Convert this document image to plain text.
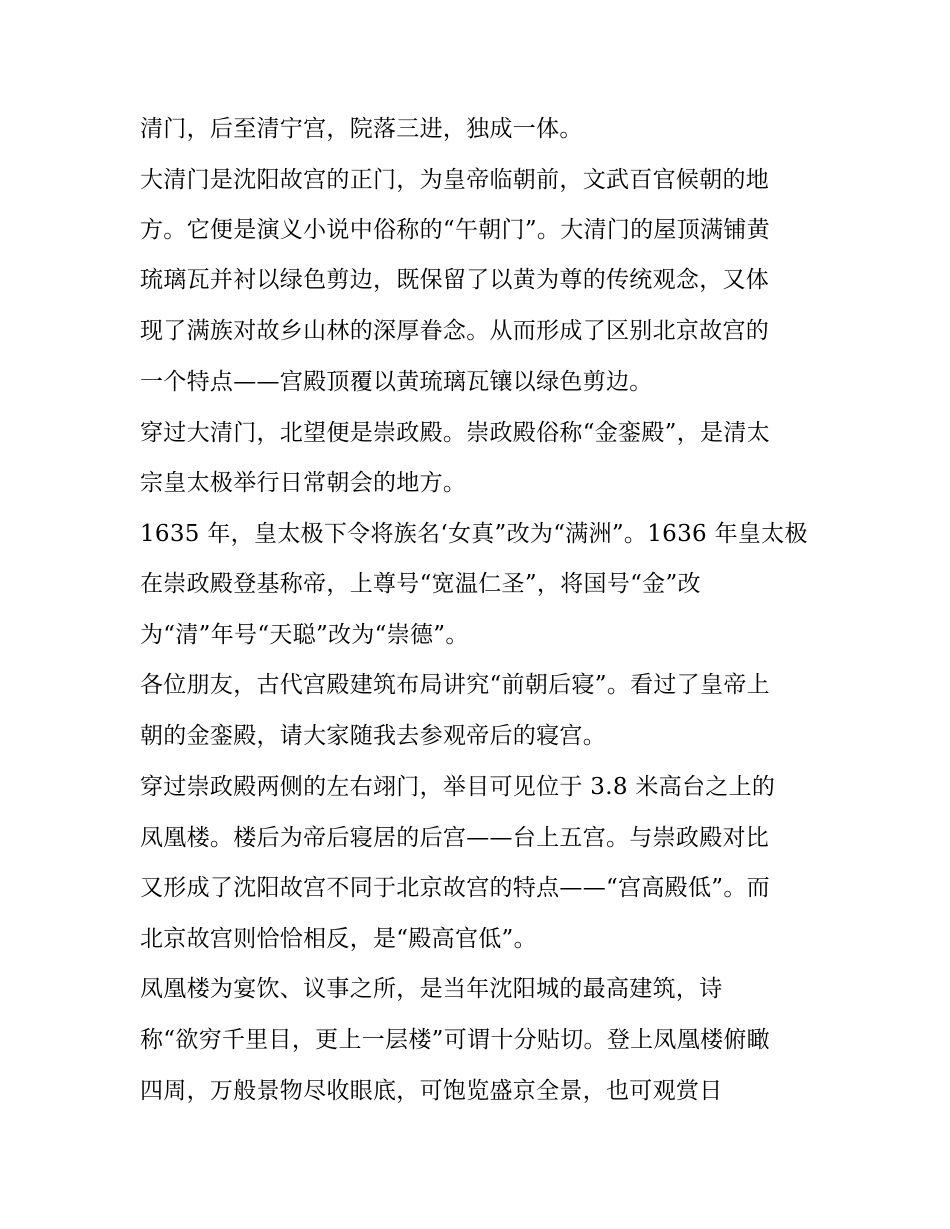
清门，后至清宁宫，院落三进，独成一体。
大清门是沈阳故宫的正门，为皇帝临朝前，文武百官候朝的地
方。它便是演义小说中俗称的“午朝门”。大清门的屋顶满铺黄
琉璃瓦并衬以绿色剪边，既保留了以黄为尊的传统观念，又体
现了满族对故乡山林的深厚眷念。从而形成了区别北京故宫的
一个特点——宫殿顶覆以黄琉璃瓦镶以绿色剪边。
穿过大清门，北望便是崇政殿。崇政殿俗称“金銮殿”，是清太
宗皇太极举行日常朝会的地方。
1635 年，皇太极下令将族名‘女真”改为“满洲”。1636 年皇太极
在崇政殿登基称帝，上尊号“宽温仁圣”，将国号“金”改
为“清”年号“天聪”改为“崇德”。
各位朋友，古代宫殿建筑布局讲究“前朝后寝”。看过了皇帝上
朝的金銮殿，请大家随我去参观帝后的寝宫。
穿过崇政殿两侧的左右翊门，举目可见位于 3.8 米高台之上的
凤凰楼。楼后为帝后寝居的后宫——台上五宫。与崇政殿对比
又形成了沈阳故宫不同于北京故宫的特点——“宫高殿低”。而
北京故宫则恰恰相反，是“殿高官低”。
凤凰楼为宴饮、议事之所，是当年沈阳城的最高建筑，诗
称“欲穷千里目，更上一层楼”可谓十分贴切。登上凤凰楼俯瞰
四周，万般景物尽收眼底，可饱览盛京全景，也可观赏日
